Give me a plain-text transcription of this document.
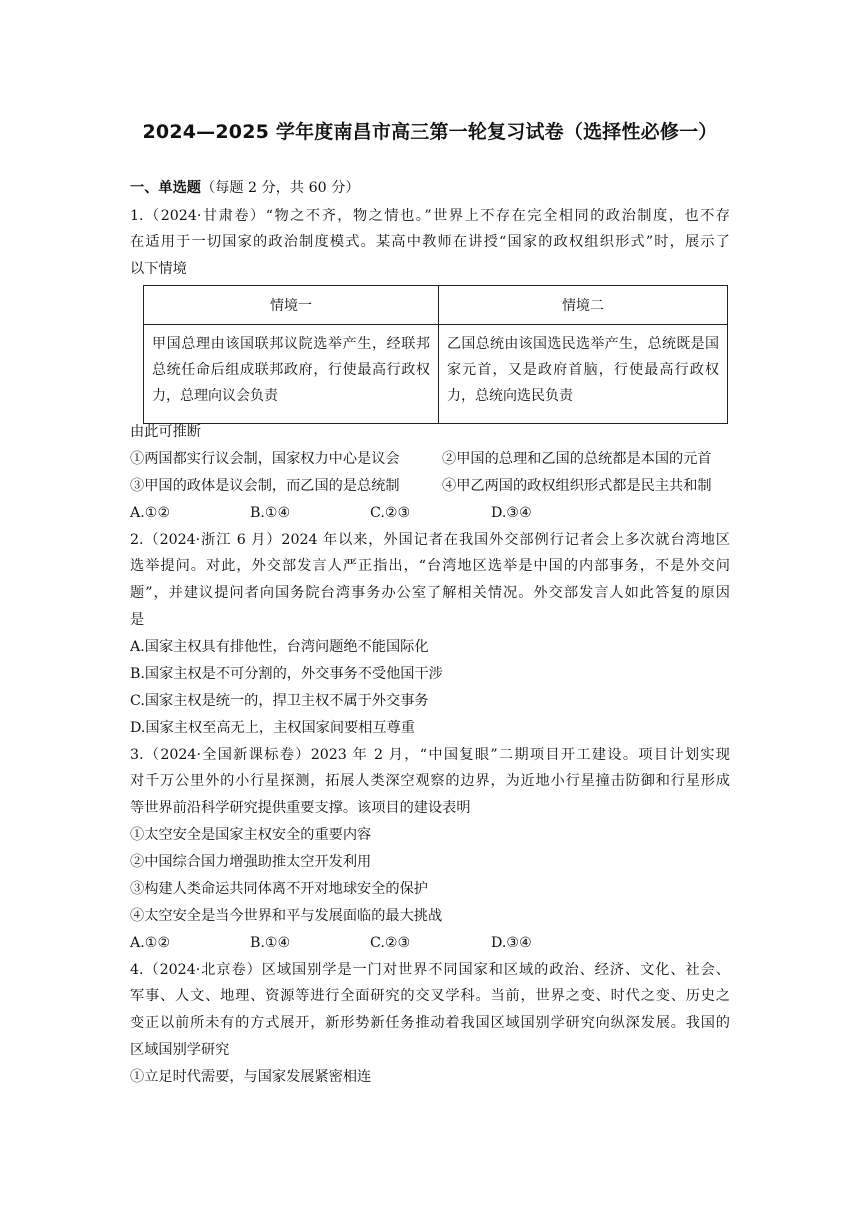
2024—2025 学年度南昌市高三第一轮复习试卷（选择性必修一）
一、单选题（每题 2 分，共 60 分）
1.（2024·甘肃卷）“物之不齐，物之情也。”世界上不存在完全相同的政治制度，也不存
在适用于一切国家的政治制度模式。某高中教师在讲授“国家的政权组织形式”时，展示了
以下情境
情境一	情境二
甲国总理由该国联邦议院选举产生，经联邦总统任命后组成联邦政府，行使最高行政权力，总理向议会负责	乙国总统由该国选民选举产生，总统既是国家元首，又是政府首脑，行使最高行政权力，总统向选民负责
由此可推断
①两国都实行议会制，国家权力中心是议会	②甲国的总理和乙国的总统都是本国的元首
③甲国的政体是议会制，而乙国的是总统制	④甲乙两国的政权组织形式都是民主共和制
A.①②	B.①④	C.②③	D.③④
2.（2024·浙江 6 月）2024 年以来，外国记者在我国外交部例行记者会上多次就台湾地区
选举提问。对此，外交部发言人严正指出，“台湾地区选举是中国的内部事务，不是外交问
题”，并建议提问者向国务院台湾事务办公室了解相关情况。外交部发言人如此答复的原因
是
A.国家主权具有排他性，台湾问题绝不能国际化
B.国家主权是不可分割的，外交事务不受他国干涉
C.国家主权是统一的，捍卫主权不属于外交事务
D.国家主权至高无上，主权国家间要相互尊重
3.（2024·全国新课标卷）2023 年 2 月，“中国复眼”二期项目开工建设。项目计划实现
对千万公里外的小行星探测，拓展人类深空观察的边界，为近地小行星撞击防御和行星形成
等世界前沿科学研究提供重要支撑。该项目的建设表明
①太空安全是国家主权安全的重要内容
②中国综合国力增强助推太空开发利用
③构建人类命运共同体离不开对地球安全的保护
④太空安全是当今世界和平与发展面临的最大挑战
A.①②	B.①④	C.②③	D.③④
4.（2024·北京卷）区域国别学是一门对世界不同国家和区域的政治、经济、文化、社会、
军事、人文、地理、资源等进行全面研究的交叉学科。当前，世界之变、时代之变、历史之
变正以前所未有的方式展开，新形势新任务推动着我国区域国别学研究向纵深发展。我国的
区域国别学研究
①立足时代需要，与国家发展紧密相连
